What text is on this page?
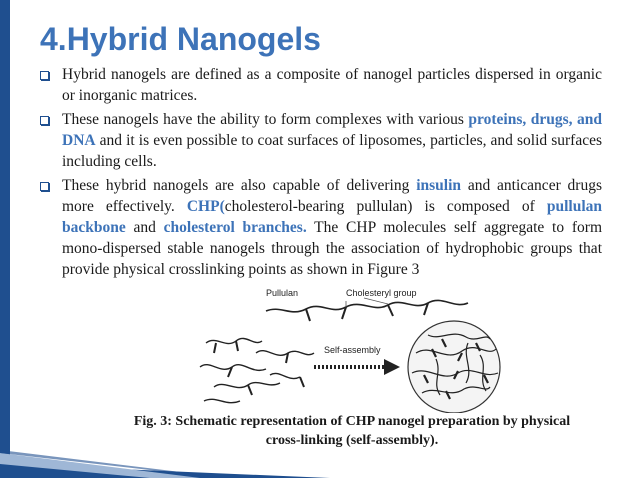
4.Hybrid Nanogels
Hybrid nanogels are defined as a composite of nanogel particles dispersed in organic or inorganic matrices.
These nanogels have the ability to form complexes with various proteins, drugs, and DNA and it is even possible to coat surfaces of liposomes, particles, and solid surfaces including cells.
These hybrid nanogels are also capable of delivering insulin and anticancer drugs more effectively. CHP(cholesterol-bearing pullulan) is composed of pullulan backbone and cholesterol branches. The CHP molecules self aggregate to form mono-dispersed stable nanogels through the association of hydrophobic groups that provide physical crosslinking points as shown in Figure 3
Pullulan	Cholesteryl group
Self-assembly
Fig. 3: Schematic representation of CHP nanogel preparation by physical
cross-linking (self-assembly).
